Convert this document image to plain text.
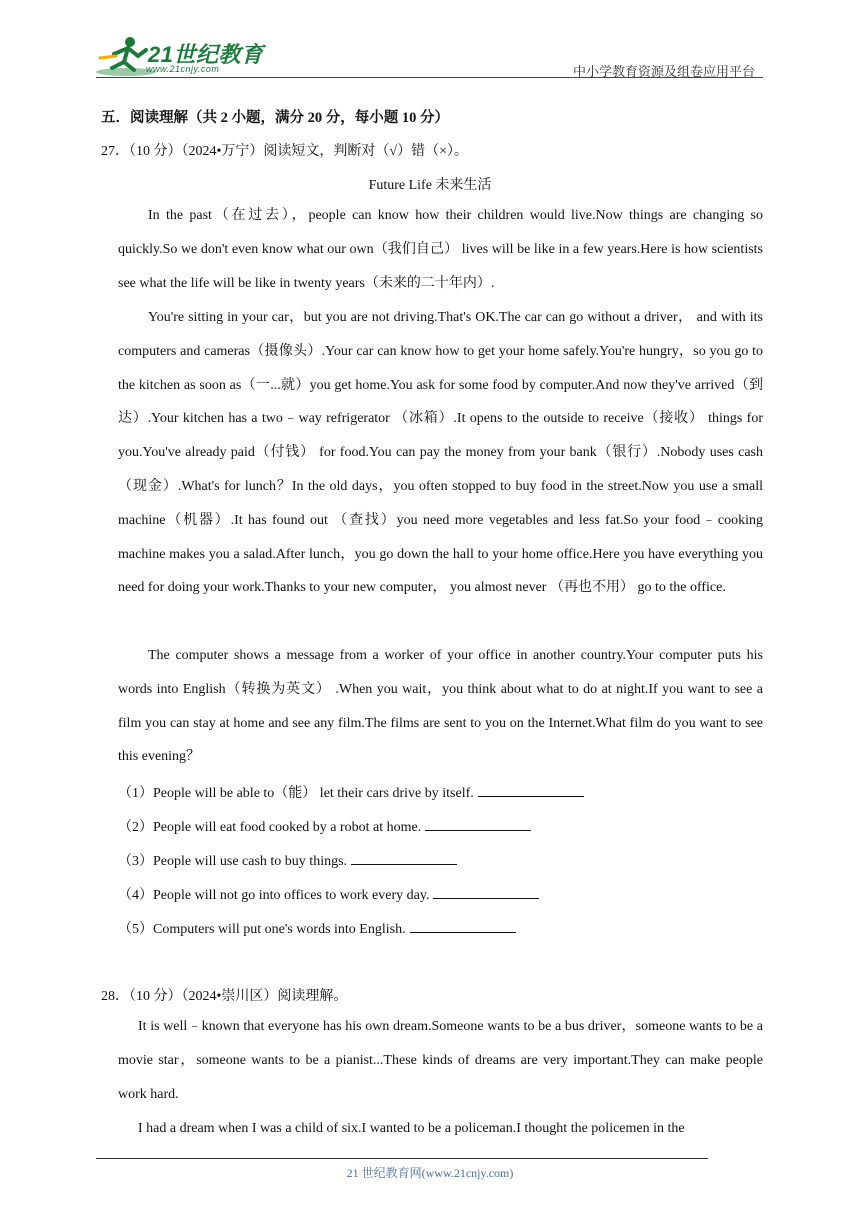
21世纪教育
www.21cnjy.com	中小学教育资源及组卷应用平台
五．阅读理解（共 2 小题，满分 20 分，每小题 10 分）
27．（10 分）（2024•万宁）阅读短文，判断对（√）错（×）。
Future Life 未来生活
In the past（在过去），people can know how their children would live.Now things are changing so quickly.So we don't even know what our own（我们自己） lives will be like in a few years.Here is how scientists see what the life will be like in twenty years（未来的二十年内）.
You're sitting in your car，but you are not driving.That's OK.The car can go without a driver， and with its computers and cameras（摄像头）.Your car can know how to get your home safely.You're hungry，so you go to the kitchen as soon as（一...就）you get home.You ask for some food by computer.And now they've arrived（到达）.Your kitchen has a two﹣way refrigerator （冰箱）.It opens to the outside to receive（接收） things for you.You've already paid（付钱） for food.You can pay the money from your bank（银行）.Nobody uses cash（现金）.What's for lunch？In the old days，you often stopped to buy food in the street.Now you use a small machine（机器）.It has found out （查找）you need more vegetables and less fat.So your food﹣cooking machine makes you a salad.After lunch，you go down the hall to your home office.Here you have everything you need for doing your work.Thanks to your new computer， you almost never （再也不用） go to the office.
The computer shows a message from a worker of your office in another country.Your computer puts his words into English（转换为英文） .When you wait，you think about what to do at night.If you want to see a film you can stay at home and see any film.The films are sent to you on the Internet.What film do you want to see this evening？
（1）People will be able to（能） let their cars drive by itself.
（2）People will eat food cooked by a robot at home.
（3）People will use cash to buy things.
（4）People will not go into offices to work every day.
（5）Computers will put one's words into English.
28．（10 分）（2024•崇川区）阅读理解。
It is well﹣known that everyone has his own dream.Someone wants to be a bus driver，someone wants to be a movie star，someone wants to be a pianist...These kinds of dreams are very important.They can make people work hard.
I had a dream when I was a child of six.I wanted to be a policeman.I thought the policemen in the
21 世纪教育网(www.21cnjy.com)
